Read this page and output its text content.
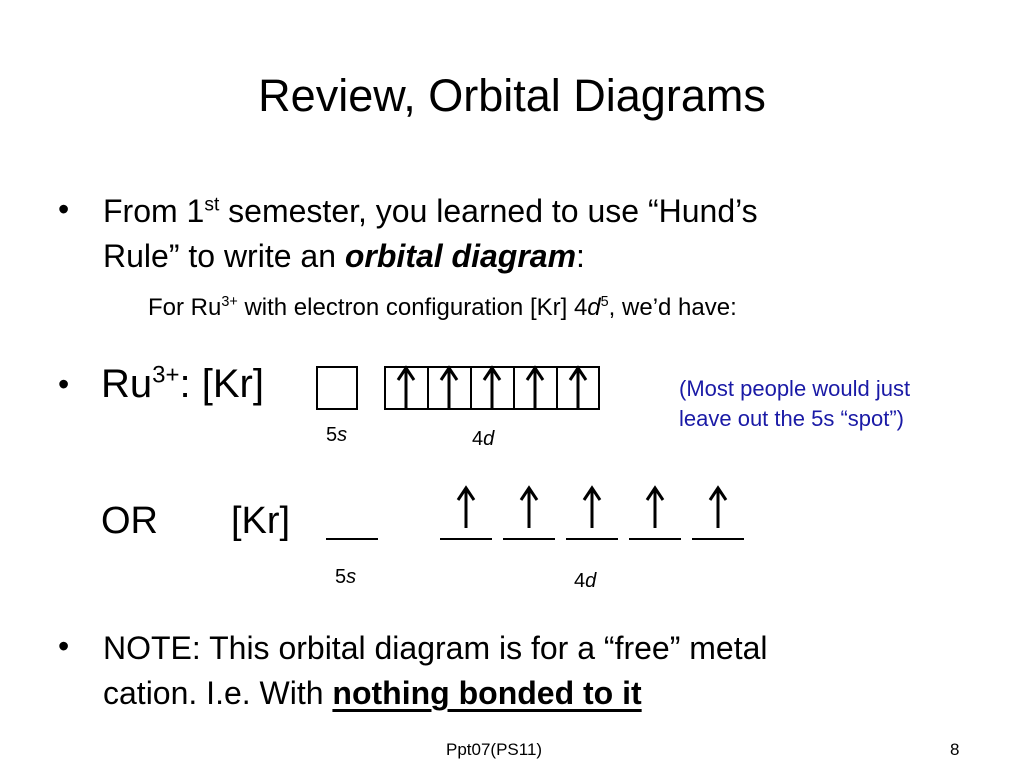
Review, Orbital Diagrams
• From 1st semester, you learned to use “Hund’s
Rule” to write an orbital diagram:
For $Ru^{3+}$ with electron configuration [Kr] $4d^5$, we’d have:
• $Ru^{3+}$: [Kr]
5s	4d
(Most people would just
leave out the 5s “spot”)
OR [Kr]
5s	4d
• NOTE: This orbital diagram is for a “free” metal
cation. I.e. With nothing bonded to it
Ppt07(PS11)	8
